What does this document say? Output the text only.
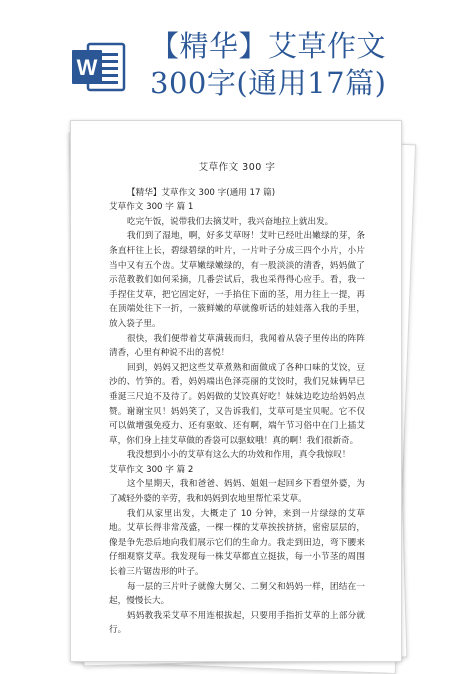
W
【精华】艾草作文
300字(通用17篇)
艾草作文 300 字
【精华】艾草作文 300 字(通用 17 篇)
艾草作文 300 字 篇 1
吃完午饭，说带我们去摘艾叶，我兴奋地拉上就出发。
我们到了湿地，啊，好多艾草呀！艾叶已经吐出嫩绿的芽，条条直杆往上长，碧绿碧绿的叶片，一片叶子分成三四个小片，小片当中又有五个齿。艾草嫩绿嫩绿的，有一股淡淡的清香，妈妈做了示范教教们如何采摘，几番尝试后，我也采得得心应手。看，我一手捏住艾草，把它固定好，一手掐住下面的茎，用力往上一提，再在顶端处往下一折，一簇鲜嫩的草就像听话的娃娃落入我的手里，放入袋子里。
很快，我们便带着艾草满载而归，我闻着从袋子里传出的阵阵清香，心里有种说不出的喜悦！
回到，妈妈又把这些艾草煮熟和面做成了各种口味的艾饺，豆沙的、竹笋的。看，妈妈端出色泽亮丽的艾饺时，我们兄妹俩早已垂涎三尺迫不及待了。妈妈做的艾饺真好吃！妹妹边吃边给妈妈点赞。谢谢宝贝！妈妈笑了，又告诉我们，艾草可是宝贝呢。它不仅可以做增强免疫力、还有驱蚊、还有啊，端午节习俗中在门上插艾草，你们身上挂艾草做的香袋可以驱蚊哦！真的啊！我们很新奇。
我没想到小小的艾草有这么大的功效和作用，真令我惊叹！
艾草作文 300 字 篇 2
这个星期天，我和爸爸、妈妈、姐姐一起回乡下看望外婆，为了减轻外婆的辛劳，我和妈妈到农地里帮忙采艾草。
我们从家里出发，大概走了 10 分钟，来到一片绿绿的艾草地。艾草长得非常茂盛，一棵一棵的艾草挨挨挤挤，密密层层的，像是争先恐后地向我们展示它们的生命力。我走到田边，弯下腰来仔细观察艾草。我发现每一株艾草都直立挺拔，每一小节茎的周围长着三片锯齿形的叶子。
每一层的三片叶子就像大舅父、二舅父和妈妈一样，团结在一起，慢慢长大。
妈妈教我采艾草不用连根拔起，只要用手指折艾草的上部分就行。
